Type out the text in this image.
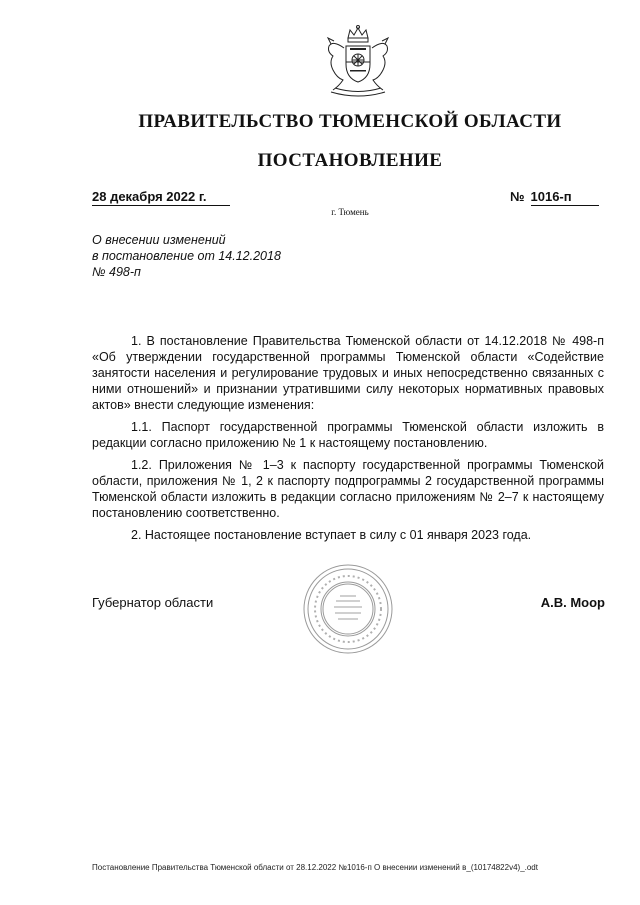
ПРАВИТЕЛЬСТВО ТЮМЕНСКОЙ ОБЛАСТИ
ПОСТАНОВЛЕНИЕ
28 декабря 2022 г.	№ 1016-п
г. Тюмень
О внесении изменений
в постановление от 14.12.2018
№ 498-п

1. В постановление Правительства Тюменской области от 14.12.2018 № 498-п «Об утверждении государственной программы Тюменской области «Содействие занятости населения и регулирование трудовых и иных непосредственно связанных с ними отношений» и признании утратившими силу некоторых нормативных правовых актов» внести следующие изменения:

1.1. Паспорт государственной программы Тюменской области изложить в редакции согласно приложению № 1 к настоящему постановлению.

1.2. Приложения № 1–3 к паспорту государственной программы Тюменской области, приложения № 1, 2 к паспорту подпрограммы 2 государственной программы Тюменской области изложить в редакции согласно приложениям № 2–7 к настоящему постановлению соответственно.

2. Настоящее постановление вступает в силу с 01 января 2023 года.

Губернатор области	А.В. Моор
Постановление Правительства Тюменской области от 28.12.2022 №1016-п О внесении изменений в_(10174822v4)_.odt
